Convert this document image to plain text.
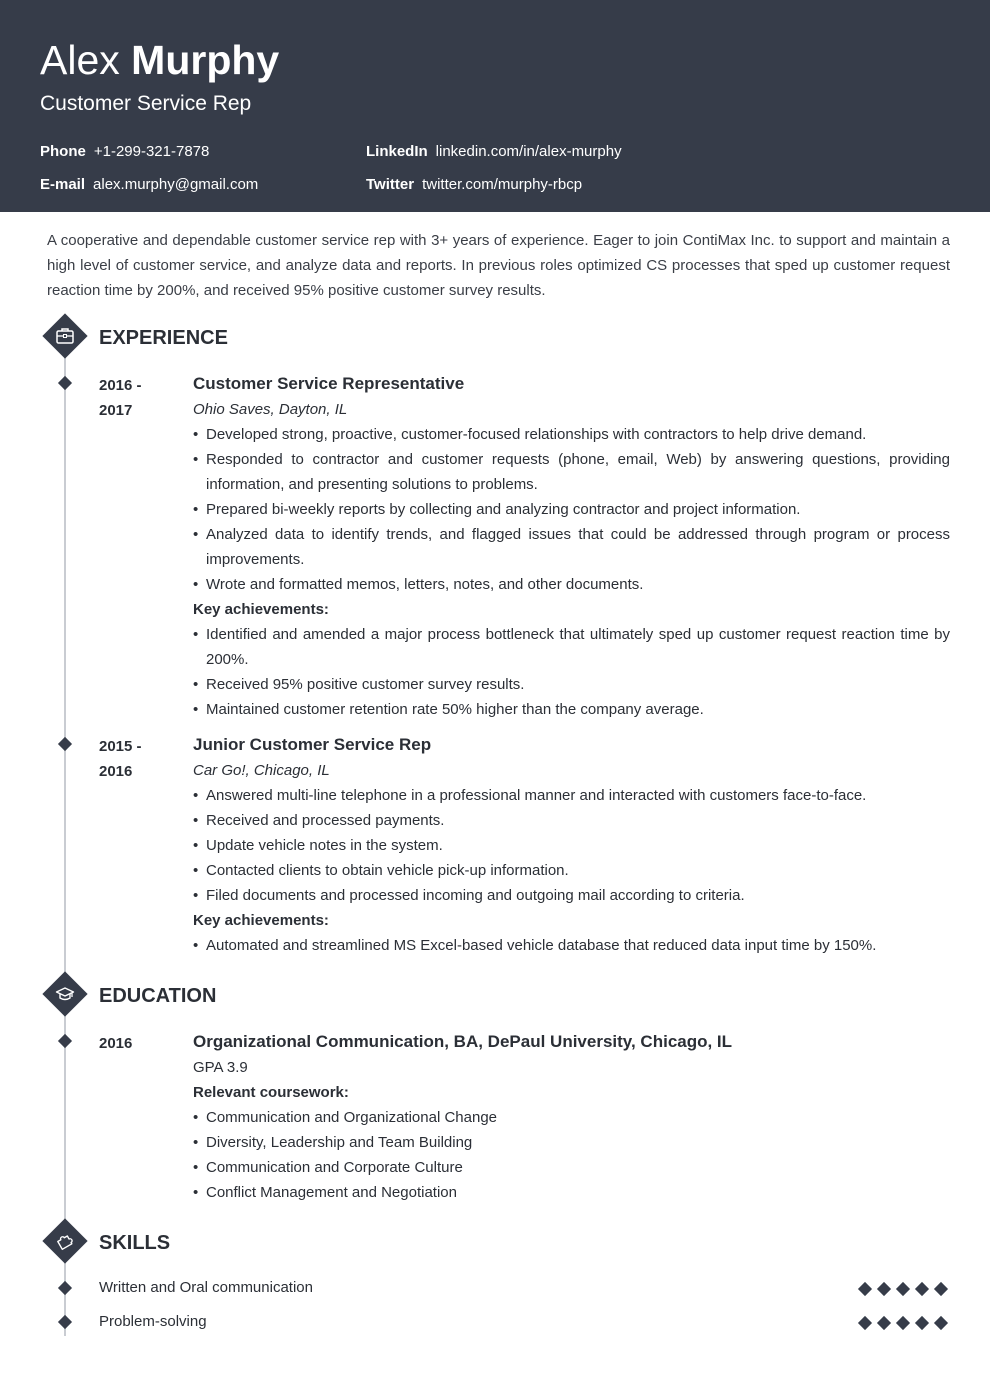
Alex Murphy
Customer Service Rep
Phone +1-299-321-7878	LinkedIn linkedin.com/in/alex-murphy
E-mail alex.murphy@gmail.com	Twitter twitter.com/murphy-rbcp

A cooperative and dependable customer service rep with 3+ years of experience. Eager to join ContiMax Inc. to support and maintain a high level of customer service, and analyze data and reports. In previous roles optimized CS processes that sped up customer request reaction time by 200%, and received 95% positive customer survey results.

EXPERIENCE
2016 -
2017
Customer Service Representative
Ohio Saves, Dayton, IL
• Developed strong, proactive, customer-focused relationships with contractors to help drive demand.
• Responded to contractor and customer requests (phone, email, Web) by answering questions, providing information, and presenting solutions to problems.
• Prepared bi-weekly reports by collecting and analyzing contractor and project information.
• Analyzed data to identify trends, and flagged issues that could be addressed through program or process improvements.
• Wrote and formatted memos, letters, notes, and other documents.
Key achievements:
• Identified and amended a major process bottleneck that ultimately sped up customer request reaction time by 200%.
• Received 95% positive customer survey results.
• Maintained customer retention rate 50% higher than the company average.
2015 -
2016
Junior Customer Service Rep
Car Go!, Chicago, IL
• Answered multi-line telephone in a professional manner and interacted with customers face-to-face.
• Received and processed payments.
• Update vehicle notes in the system.
• Contacted clients to obtain vehicle pick-up information.
• Filed documents and processed incoming and outgoing mail according to criteria.
Key achievements:
• Automated and streamlined MS Excel-based vehicle database that reduced data input time by 150%.
EDUCATION
2016	Organizational Communication, BA, DePaul University, Chicago, IL
GPA 3.9
Relevant coursework:
• Communication and Organizational Change
• Diversity, Leadership and Team Building
• Communication and Corporate Culture
• Conflict Management and Negotiation
SKILLS
Written and Oral communication
Problem-solving
